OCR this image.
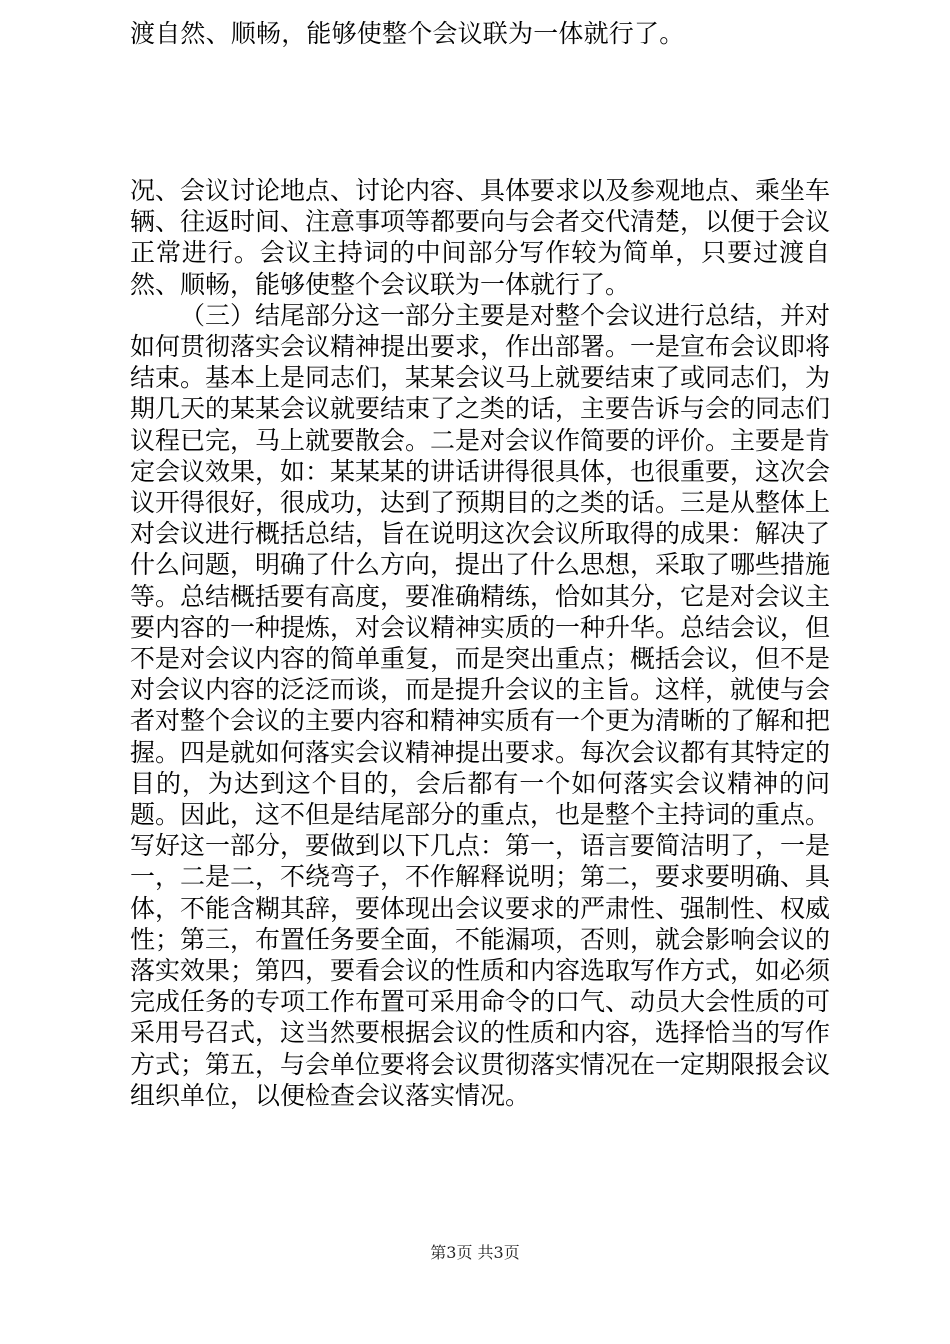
渡自然、顺畅，能够使整个会议联为一体就行了。

况、会议讨论地点、讨论内容、具体要求以及参观地点、乘坐车辆、往返时间、注意事项等都要向与会者交代清楚，以便于会议正常进行。会议主持词的中间部分写作较为简单，只要过渡自然、顺畅，能够使整个会议联为一体就行了。

（三）结尾部分这一部分主要是对整个会议进行总结，并对如何贯彻落实会议精神提出要求，作出部署。一是宣布会议即将结束。基本上是同志们，某某会议马上就要结束了或同志们，为期几天的某某会议就要结束了之类的话，主要告诉与会的同志们议程已完，马上就要散会。二是对会议作简要的评价。主要是肯定会议效果，如：某某某的讲话讲得很具体，也很重要，这次会议开得很好，很成功，达到了预期目的之类的话。三是从整体上对会议进行概括总结，旨在说明这次会议所取得的成果：解决了什么问题，明确了什么方向，提出了什么思想，采取了哪些措施等。总结概括要有高度，要准确精练，恰如其分，它是对会议主要内容的一种提炼，对会议精神实质的一种升华。总结会议，但不是对会议内容的简单重复，而是突出重点；概括会议，但不是对会议内容的泛泛而谈，而是提升会议的主旨。这样，就使与会者对整个会议的主要内容和精神实质有一个更为清晰的了解和把握。四是就如何落实会议精神提出要求。每次会议都有其特定的目的，为达到这个目的，会后都有一个如何落实会议精神的问题。因此，这不但是结尾部分的重点，也是整个主持词的重点。写好这一部分，要做到以下几点：第一，语言要简洁明了，一是一，二是二，不绕弯子，不作解释说明；第二，要求要明确、具体，不能含糊其辞，要体现出会议要求的严肃性、强制性、权威性；第三，布置任务要全面，不能漏项，否则，就会影响会议的落实效果；第四，要看会议的性质和内容选取写作方式，如必须完成任务的专项工作布置可采用命令的口气、动员大会性质的可采用号召式，这当然要根据会议的性质和内容，选择恰当的写作方式；第五，与会单位要将会议贯彻落实情况在一定期限报会议组织单位，以便检查会议落实情况。

第3页 共3页
